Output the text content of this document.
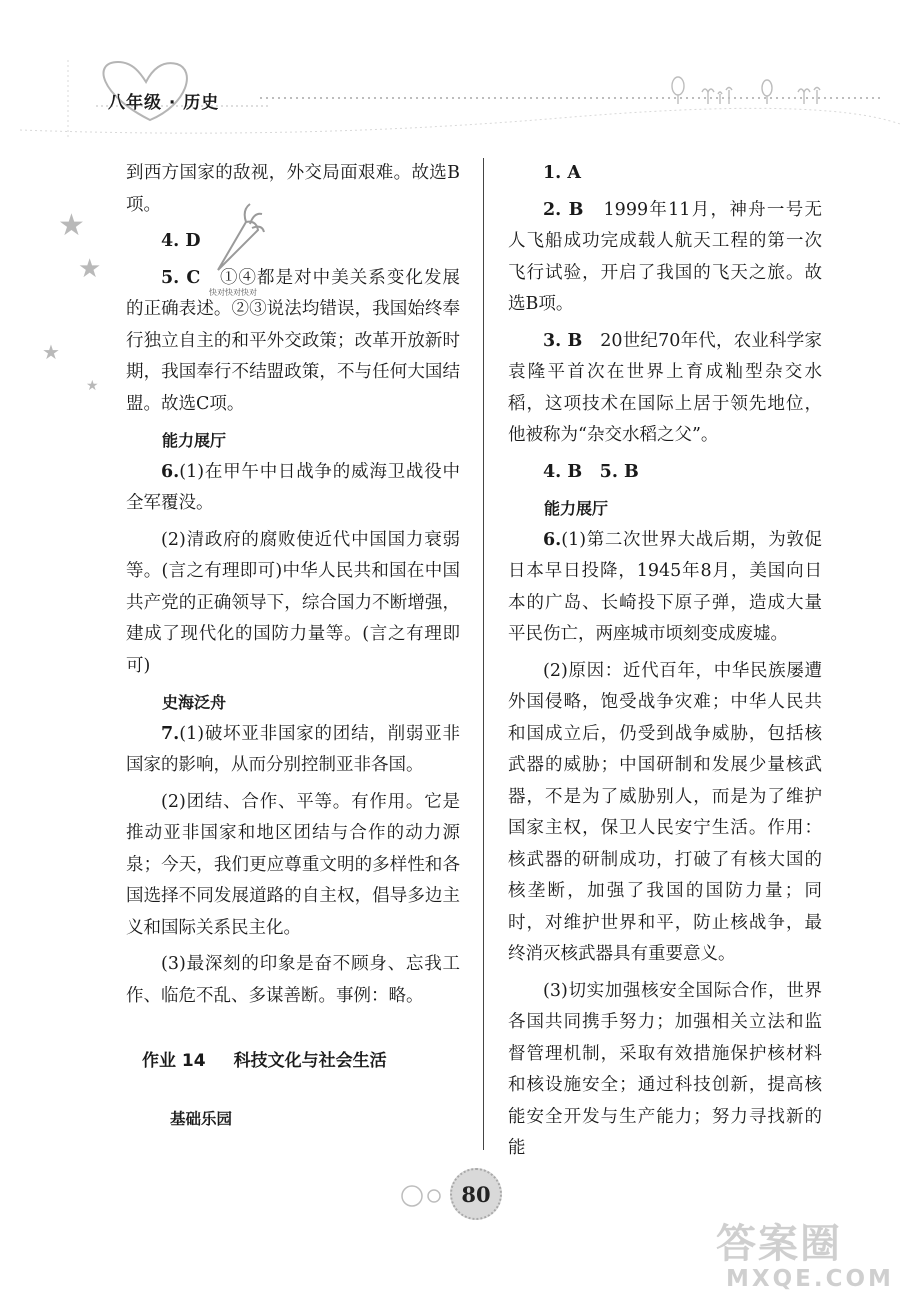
八年级 · 历史
★
★
★
★
快对快对快对

到西方国家的敌视，外交局面艰难。故选B项。

4. D

5. C　 ①④都是对中美关系变化发展的正确表述。②③说法均错误，我国始终奉行独立自主的和平外交政策；改革开放新时期，我国奉行不结盟政策，不与任何大国结盟。故选C项。

能力展厅

6.(1)在甲午中日战争的威海卫战役中全军覆没。

(2)清政府的腐败使近代中国国力衰弱等。(言之有理即可)中华人民共和国在中国共产党的正确领导下，综合国力不断增强，建成了现代化的国防力量等。(言之有理即可)

史海泛舟

7.(1)破坏亚非国家的团结，削弱亚非国家的影响，从而分别控制亚非各国。

(2)团结、合作、平等。有作用。它是推动亚非国家和地区团结与合作的动力源泉；今天，我们更应尊重文明的多样性和各国选择不同发展道路的自主权，倡导多边主义和国际关系民主化。

(3)最深刻的印象是奋不顾身、忘我工作、临危不乱、多谋善断。事例：略。

作业 14 科技文化与社会生活

基础乐园

1. A

2. B　 1999年11月，神舟一号无人飞船成功完成载人航天工程的第一次飞行试验，开启了我国的飞天之旅。故选B项。

3. B　 20世纪70年代，农业科学家袁隆平首次在世界上育成籼型杂交水稻，这项技术在国际上居于领先地位，他被称为“杂交水稻之父”。

4. B　5. B

能力展厅

6.(1)第二次世界大战后期，为敦促日本早日投降，1945年8月，美国向日本的广岛、长崎投下原子弹，造成大量平民伤亡，两座城市顷刻变成废墟。

(2)原因：近代百年，中华民族屡遭外国侵略，饱受战争灾难；中华人民共和国成立后，仍受到战争威胁，包括核武器的威胁；中国研制和发展少量核武器，不是为了威胁别人，而是为了维护国家主权，保卫人民安宁生活。作用：核武器的研制成功，打破了有核大国的核垄断，加强了我国的国防力量；同时，对维护世界和平，防止核战争，最终消灭核武器具有重要意义。

(3)切实加强核安全国际合作，世界各国共同携手努力；加强相关立法和监督管理机制，采取有效措施保护核材料和核设施安全；通过科技创新，提高核能安全开发与生产能力；努力寻找新的能

80
答案圈
MXQE.COM
